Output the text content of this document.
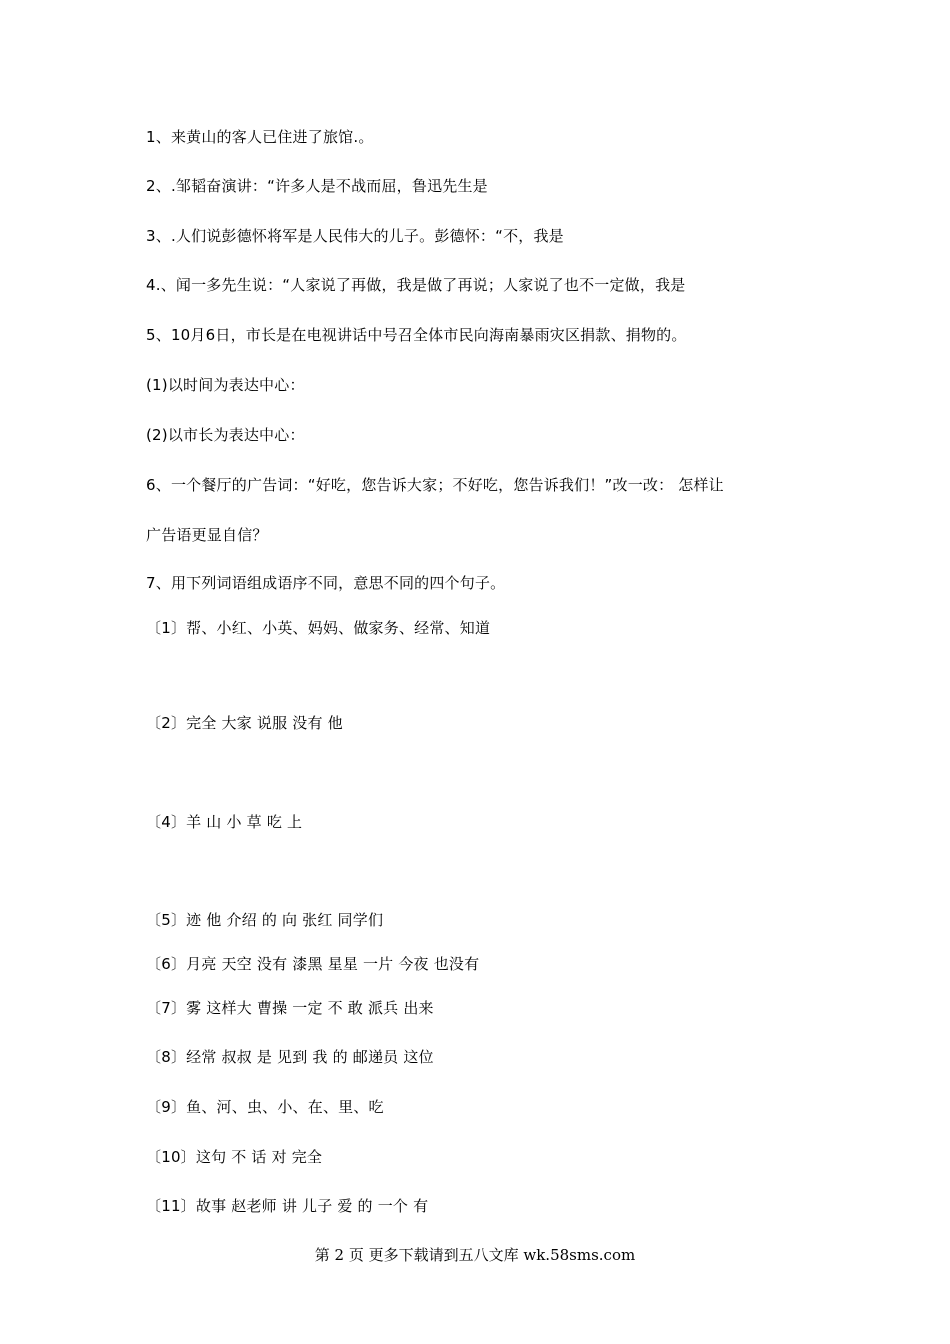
1、来黄山的客人已住进了旅馆.。
2、.邹韬奋演讲：“许多人是不战而屈，鲁迅先生是
3、.人们说彭德怀将军是人民伟大的儿子。彭德怀：“不，我是
4.、闻一多先生说：“人家说了再做，我是做了再说；人家说了也不一定做，我是
5、10月6日，市长是在电视讲话中号召全体市民向海南暴雨灾区捐款、捐物的。
(1)以时间为表达中心：
(2)以市长为表达中心：
6、一个餐厅的广告词：“好吃，您告诉大家；不好吃，您告诉我们！”改一改： 怎样让
广告语更显自信？
7、用下列词语组成语序不同，意思不同的四个句子。
〔1〕帮、小红、小英、妈妈、做家务、经常、知道
〔2〕完全 大家 说服 没有 他
〔4〕羊 山 小 草 吃 上
〔5〕迹 他 介绍 的 向 张红 同学们
〔6〕月亮 天空 没有 漆黑 星星 一片 今夜 也没有
〔7〕雾 这样大 曹操 一定 不 敢 派兵 出来
〔8〕经常 叔叔 是 见到 我 的 邮递员 这位
〔9〕鱼、河、虫、小、在、里、吃
〔10〕这句 不 话 对 完全
〔11〕故事 赵老师 讲 儿子 爱 的 一个 有
第 2 页 更多下载请到五八文库 wk.58sms.com
